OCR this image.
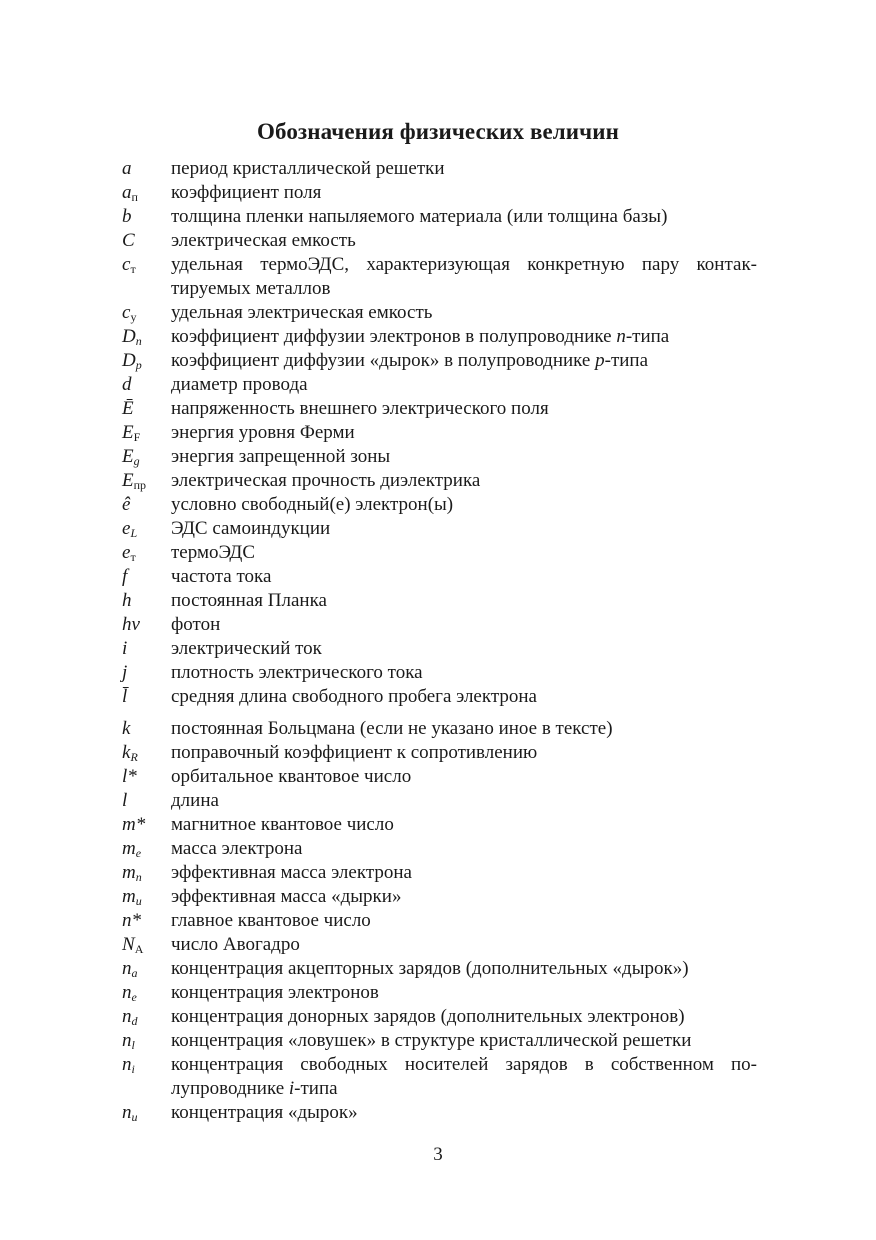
Обозначения физических величин
a период кристаллической решетки
$a_п$ коэффициент поля
b толщина пленки напыляемого материала (или толщина базы)
C электрическая емкость
$c_т$ удельная термоЭДС, характеризующая конкретную пару контак-тируемых металлов
$c_у$ удельная электрическая емкость
$D_n$ коэффициент диффузии электронов в полупроводнике n-типа
$D_p$ коэффициент диффузии «дырок» в полупроводнике p-типа
d диаметр провода
Ē напряженность внешнего электрического поля
$E_F$ энергия уровня Ферми
$E_g$ энергия запрещенной зоны
$E_{пр}$ электрическая прочность диэлектрика
ê условно свободный(е) электрон(ы)
$e_L$ ЭДС самоиндукции
$e_т$ термоЭДС
f частота тока
h постоянная Планка
hv фотон
i электрический ток
j плотность электрического тока
l̄ средняя длина свободного пробега электрона
k постоянная Больцмана (если не указано иное в тексте)
$k_R$ поправочный коэффициент к сопротивлению
l* орбитальное квантовое число
l длина
m* магнитное квантовое число
$m_e$ масса электрона
$m_n$ эффективная масса электрона
$m_u$ эффективная масса «дырки»
n* главное квантовое число
$N_A$ число Авогадро
$n_a$ концентрация акцепторных зарядов (дополнительных «дырок»)
$n_e$ концентрация электронов
$n_d$ концентрация донорных зарядов (дополнительных электронов)
$n_l$ концентрация «ловушек» в структуре кристаллической решетки
$n_i$ концентрация свободных носителей зарядов в собственном по-лупроводнике i-типа
$n_u$ концентрация «дырок»
3
